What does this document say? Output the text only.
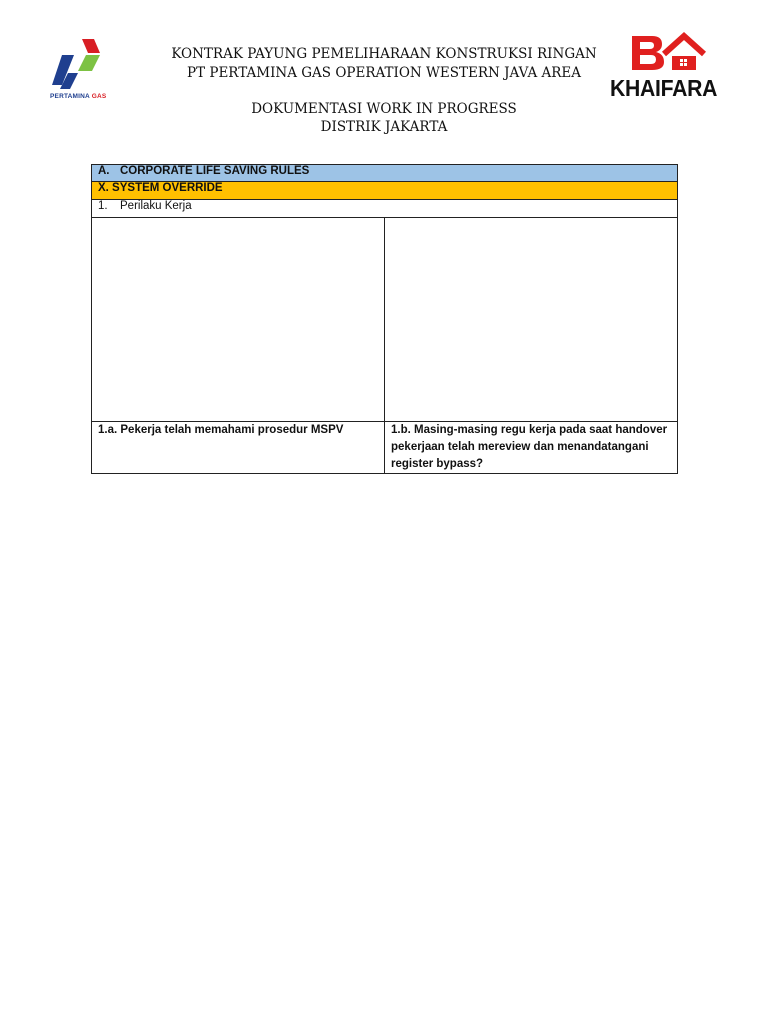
PERTAMINA GAS	KHAIFARA
KONTRAK PAYUNG PEMELIHARAAN KONSTRUKSI RINGAN
PT PERTAMINA GAS OPERATION WESTERN JAVA AREA
DOKUMENTASI WORK IN PROGRESS
DISTRIK JAKARTA
A. CORPORATE LIFE SAVING RULES	
X. SYSTEM OVERRIDE	
1. Perilaku Kerja	

1.a. Pekerja telah memahami prosedur MSPV	1.b. Masing-masing regu kerja pada saat handover pekerjaan telah mereview dan menandatangani register bypass?
